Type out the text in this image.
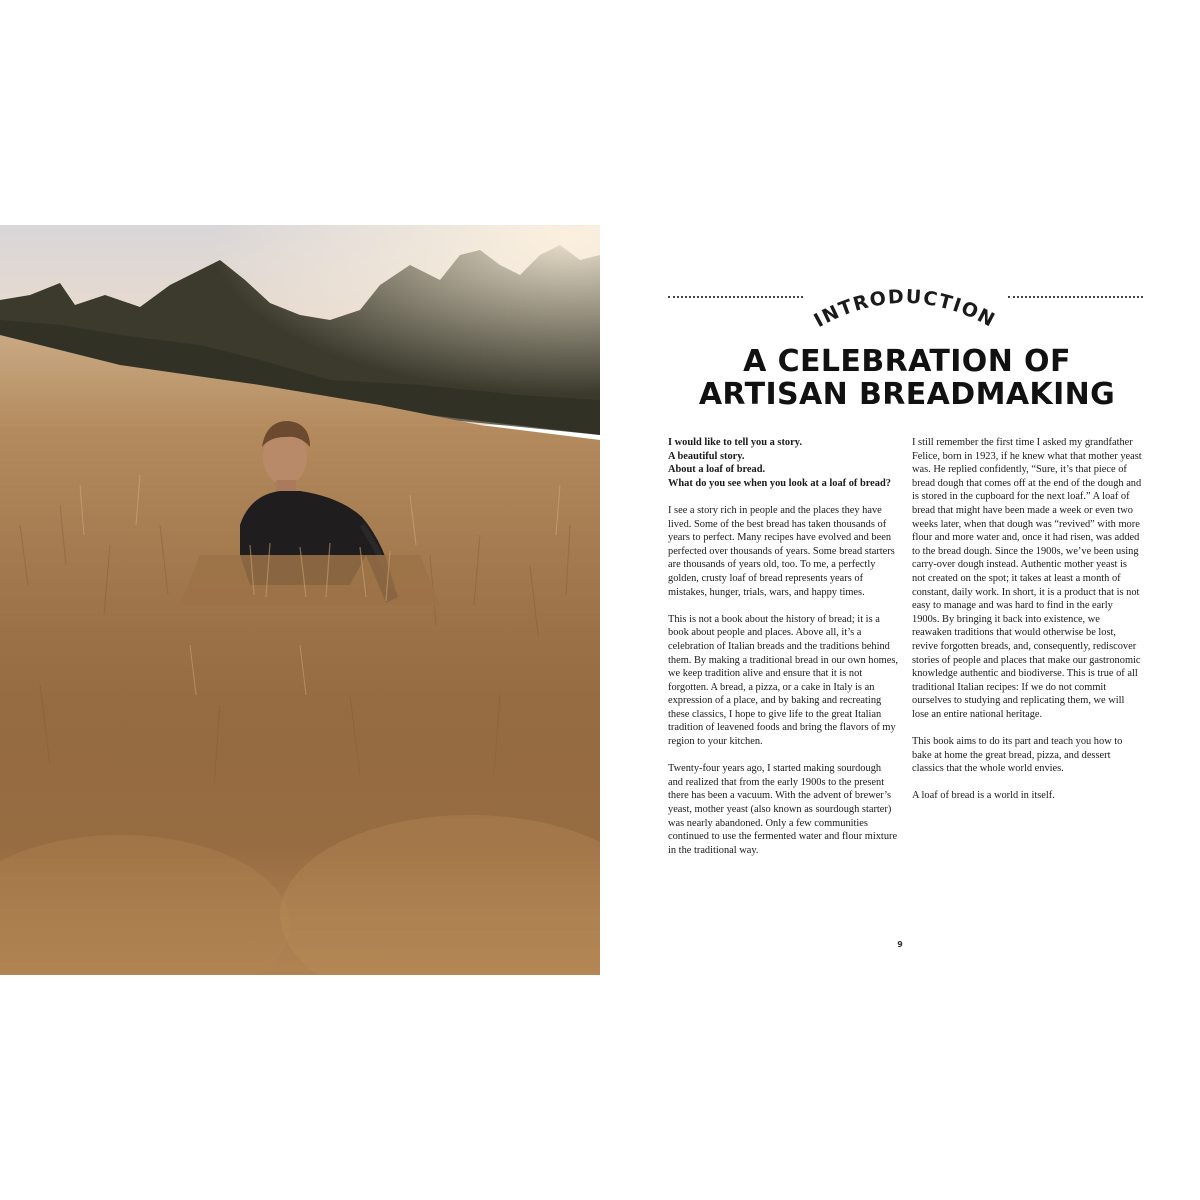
INTRODUCTION
A CELEBRATION OF
ARTISAN BREADMAKING

I would like to tell you a story.
A beautiful story.
About a loaf of bread.
What do you see when you look at a loaf of bread?

I see a story rich in people and the places they have lived. Some of the best bread has taken thousands of years to perfect. Many recipes have evolved and been perfected over thousands of years. Some bread starters are thousands of years old, too. To me, a perfectly golden, crusty loaf of bread represents years of mistakes, hunger, trials, wars, and happy times.

This is not a book about the history of bread; it is a book about people and places. Above all, it’s a celebration of Italian breads and the traditions behind them. By making a traditional bread in our own homes, we keep tradition alive and ensure that it is not forgotten. A bread, a pizza, or a cake in Italy is an expression of a place, and by baking and recreating these classics, I hope to give life to the great Italian tradition of leavened foods and bring the flavors of my region to your kitchen.

Twenty-four years ago, I started making sourdough and realized that from the early 1900s to the present there has been a vacuum. With the advent of brewer’s yeast, mother yeast (also known as sourdough starter) was nearly abandoned. Only a few communities continued to use the fermented water and flour mixture in the traditional way.

I still remember the first time I asked my grandfather Felice, born in 1923, if he knew what that mother yeast was. He replied confidently, “Sure, it’s that piece of bread dough that comes off at the end of the dough and is stored in the cupboard for the next loaf.” A loaf of bread that might have been made a week or even two weeks later, when that dough was “revived” with more flour and more water and, once it had risen, was added to the bread dough. Since the 1900s, we’ve been using carry-over dough instead. Authentic mother yeast is not created on the spot; it takes at least a month of constant, daily work. In short, it is a product that is not easy to manage and was hard to find in the early 1900s. By bringing it back into existence, we reawaken traditions that would otherwise be lost, revive forgotten breads, and, consequently, rediscover stories of people and places that make our gastronomic knowledge authentic and biodiverse. This is true of all traditional Italian recipes: If we do not commit ourselves to studying and replicating them, we will lose an entire national heritage.

This book aims to do its part and teach you how to bake at home the great bread, pizza, and dessert classics that the whole world envies.

A loaf of bread is a world in itself.

9
